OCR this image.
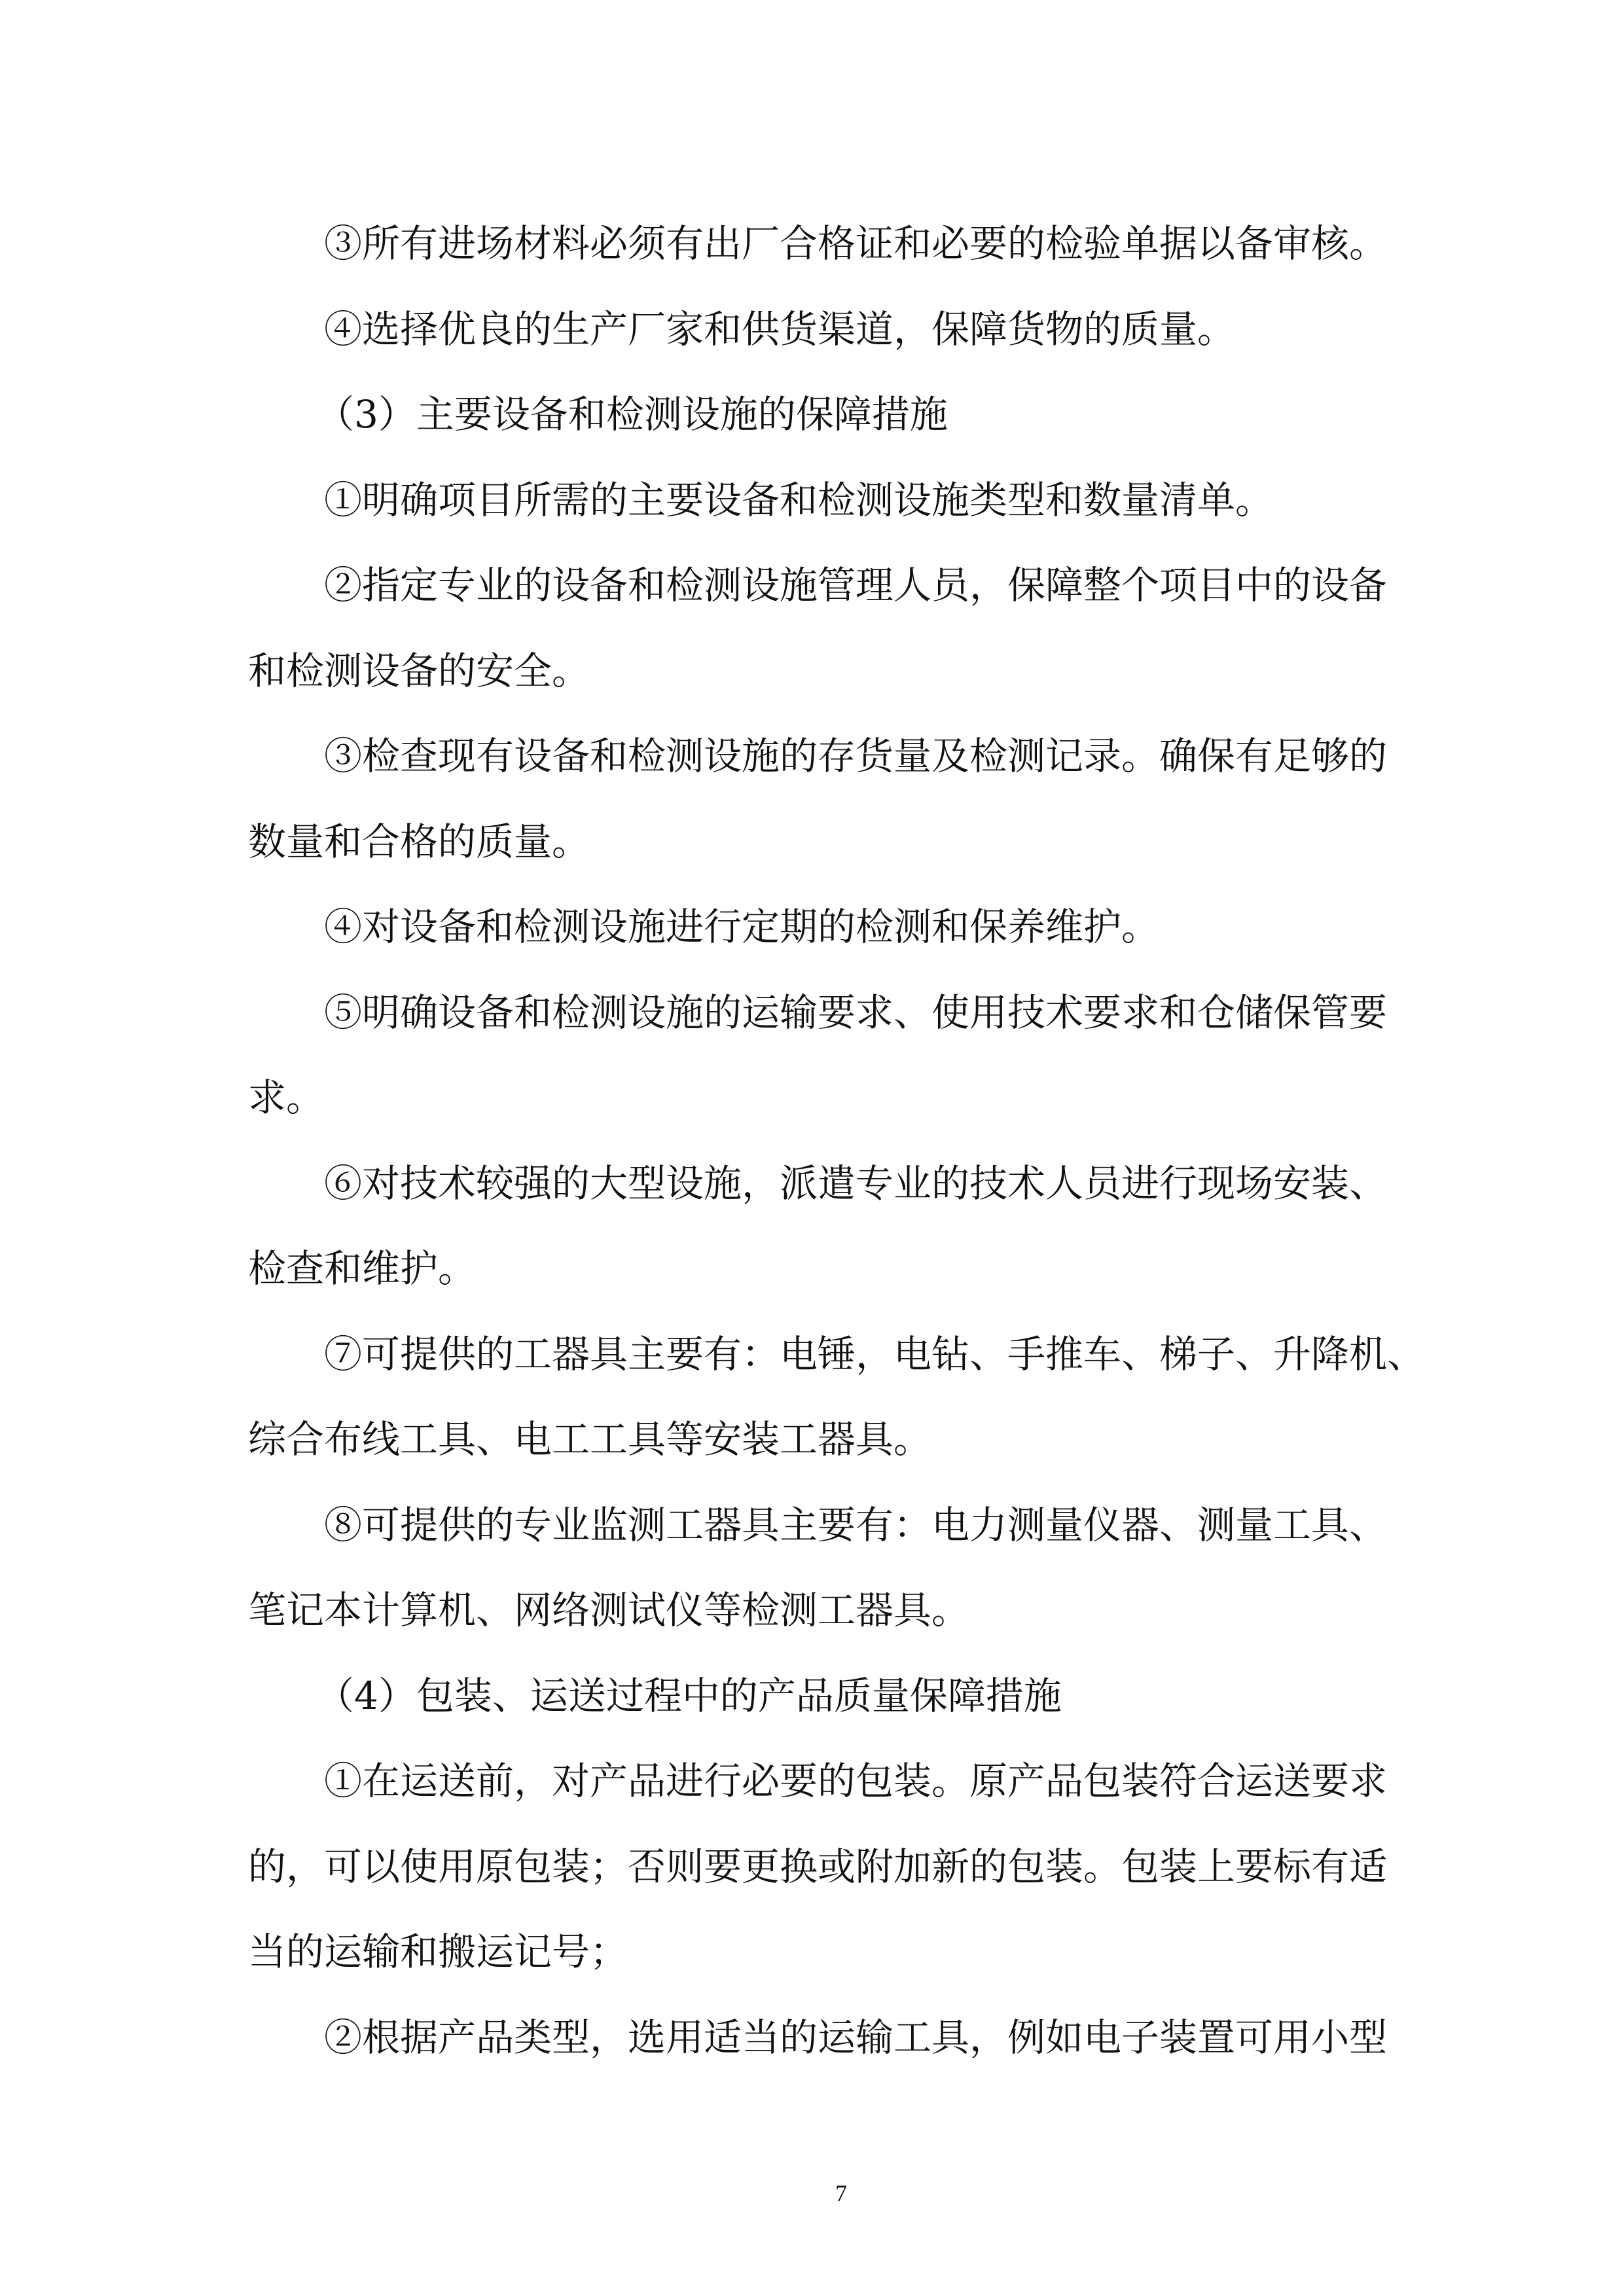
③所有进场材料必须有出厂合格证和必要的检验单据以备审核。
④选择优良的生产厂家和供货渠道，保障货物的质量。
（3）主要设备和检测设施的保障措施
①明确项目所需的主要设备和检测设施类型和数量清单。
②指定专业的设备和检测设施管理人员，保障整个项目中的设备
和检测设备的安全。
③检查现有设备和检测设施的存货量及检测记录。确保有足够的
数量和合格的质量。
④对设备和检测设施进行定期的检测和保养维护。
⑤明确设备和检测设施的运输要求、使用技术要求和仓储保管要
求。
⑥对技术较强的大型设施，派遣专业的技术人员进行现场安装、
检查和维护。
⑦可提供的工器具主要有：电锤，电钻、手推车、梯子、升降机、
综合布线工具、电工工具等安装工器具。
⑧可提供的专业监测工器具主要有：电力测量仪器、测量工具、
笔记本计算机、网络测试仪等检测工器具。
（4）包装、运送过程中的产品质量保障措施
①在运送前，对产品进行必要的包装。原产品包装符合运送要求
的，可以使用原包装；否则要更换或附加新的包装。包装上要标有适
当的运输和搬运记号；
②根据产品类型，选用适当的运输工具，例如电子装置可用小型
7
